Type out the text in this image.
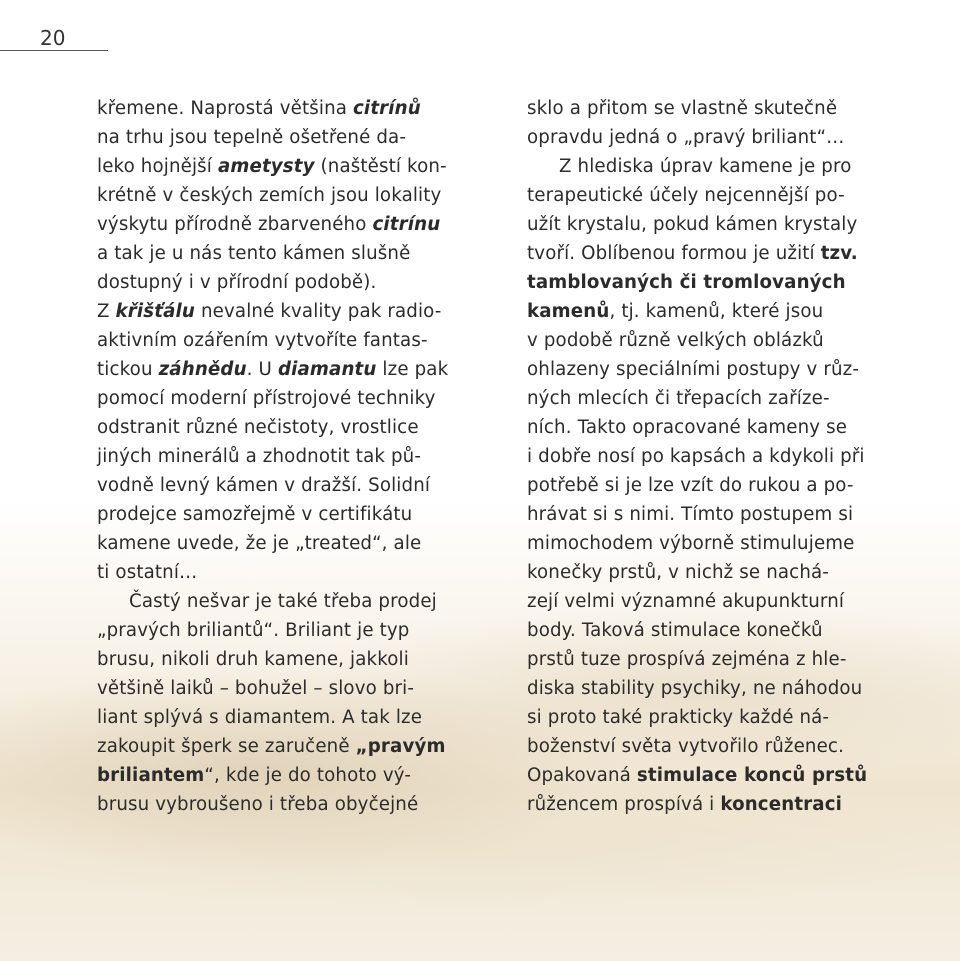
20
křemene. Naprostá většina citrínů
na trhu jsou tepelně ošetřené da-
leko hojnější ametysty (naštěstí kon-
krétně v českých zemích jsou lokality
výskytu přírodně zbarveného citrínu
a tak je u nás tento kámen slušně
dostupný i v přírodní podobě).
Z křišťálu nevalné kvality pak radio-
aktivním ozářením vytvoříte fantas-
tickou záhnědu. U diamantu lze pak
pomocí moderní přístrojové techniky
odstranit různé nečistoty, vrostlice
jiných minerálů a zhodnotit tak pů-
vodně levný kámen v dražší. Solidní
prodejce samozřejmě v certifikátu
kamene uvede, že je „treated“, ale
ti ostatní…
Častý nešvar je také třeba prodej
„pravých briliantů“. Briliant je typ
brusu, nikoli druh kamene, jakkoli
většině laiků – bohužel – slovo bri-
liant splývá s diamantem. A tak lze
zakoupit šperk se zaručeně „pravým
briliantem“, kde je do tohoto vý-
brusu vybroušeno i třeba obyčejné
sklo a přitom se vlastně skutečně
opravdu jedná o „pravý briliant“…
Z hlediska úprav kamene je pro
terapeutické účely nejcennější po-
užít krystalu, pokud kámen krystaly
tvoří. Oblíbenou formou je užití tzv.
tamblovaných či tromlovaných
kamenů, tj. kamenů, které jsou
v podobě různě velkých oblázků
ohlazeny speciálními postupy v růz-
ných mlecích či třepacích zaříze-
ních. Takto opracované kameny se
i dobře nosí po kapsách a kdykoli při
potřebě si je lze vzít do rukou a po-
hrávat si s nimi. Tímto postupem si
mimochodem výborně stimulujeme
konečky prstů, v nichž se nachá-
zejí velmi významné akupunkturní
body. Taková stimulace konečků
prstů tuze prospívá zejména z hle-
diska stability psychiky, ne náhodou
si proto také prakticky každé ná-
boženství světa vytvořilo růženec.
Opakovaná stimulace konců prstů
růžencem prospívá i koncentraci
